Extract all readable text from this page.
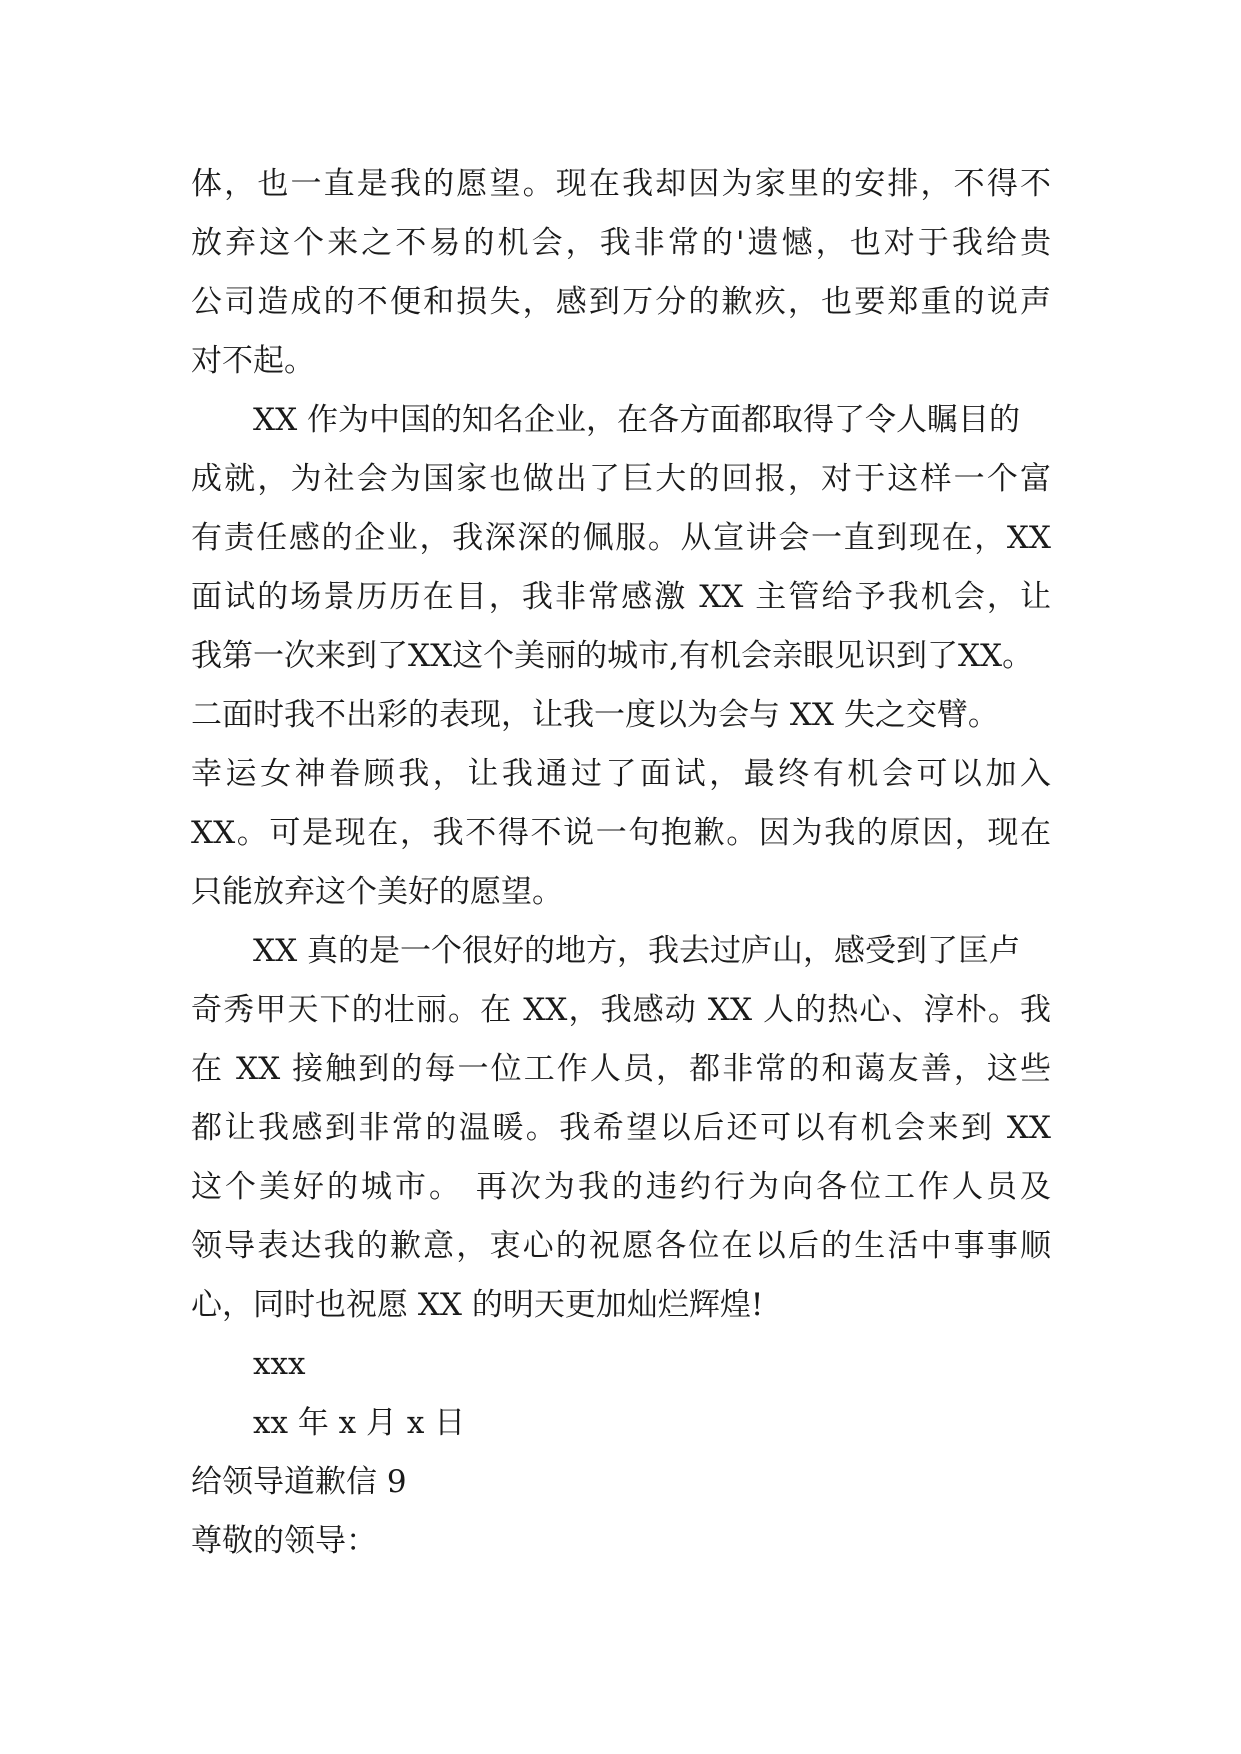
体，也一直是我的愿望。现在我却因为家里的安排，不得不
放弃这个来之不易的机会，我非常的'遗憾，也对于我给贵
公司造成的不便和损失，感到万分的歉疚，也要郑重的说声
对不起。
XX 作为中国的知名企业，在各方面都取得了令人瞩目的
成就，为社会为国家也做出了巨大的回报，对于这样一个富
有责任感的企业，我深深的佩服。从宣讲会一直到现在，XX
面试的场景历历在目，我非常感激 XX 主管给予我机会，让
我第一次来到了XX这个美丽的城市,有机会亲眼见识到了XX。
二面时我不出彩的表现，让我一度以为会与 XX 失之交臂。
幸运女神眷顾我，让我通过了面试，最终有机会可以加入
XX。可是现在，我不得不说一句抱歉。因为我的原因，现在
只能放弃这个美好的愿望。
XX 真的是一个很好的地方，我去过庐山，感受到了匡卢
奇秀甲天下的壮丽。在 XX，我感动 XX 人的热心、淳朴。我
在 XX 接触到的每一位工作人员，都非常的和蔼友善，这些
都让我感到非常的温暖。我希望以后还可以有机会来到 XX
这个美好的城市。 再次为我的违约行为向各位工作人员及
领导表达我的歉意，衷心的祝愿各位在以后的生活中事事顺
心，同时也祝愿 XX 的明天更加灿烂辉煌!
xxx
xx 年 x 月 x 日
给领导道歉信 9
尊敬的领导：
